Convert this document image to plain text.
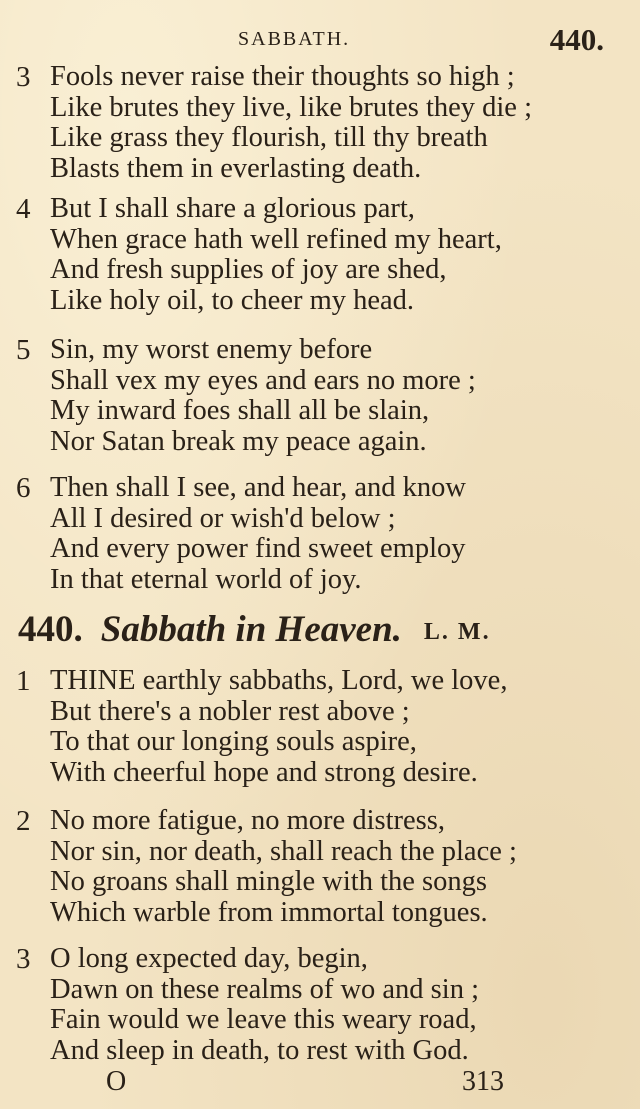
SABBATH.	440.
3 Fools never raise their thoughts so high ;
Like brutes they live, like brutes they die ;
Like grass they flourish, till thy breath
Blasts them in everlasting death.
4 But I shall share a glorious part,
When grace hath well refined my heart,
And fresh supplies of joy are shed,
Like holy oil, to cheer my head.
5 Sin, my worst enemy before
Shall vex my eyes and ears no more ;
My inward foes shall all be slain,
Nor Satan break my peace again.
6 Then shall I see, and hear, and know
All I desired or wish'd below ;
And every power find sweet employ
In that eternal world of joy.
440. Sabbath in Heaven. L. M.
1 THINE earthly sabbaths, Lord, we love,
But there's a nobler rest above ;
To that our longing souls aspire,
With cheerful hope and strong desire.
2 No more fatigue, no more distress,
Nor sin, nor death, shall reach the place ;
No groans shall mingle with the songs
Which warble from immortal tongues.
3 O long expected day, begin,
Dawn on these realms of wo and sin ;
Fain would we leave this weary road,
And sleep in death, to rest with God.
O	313
